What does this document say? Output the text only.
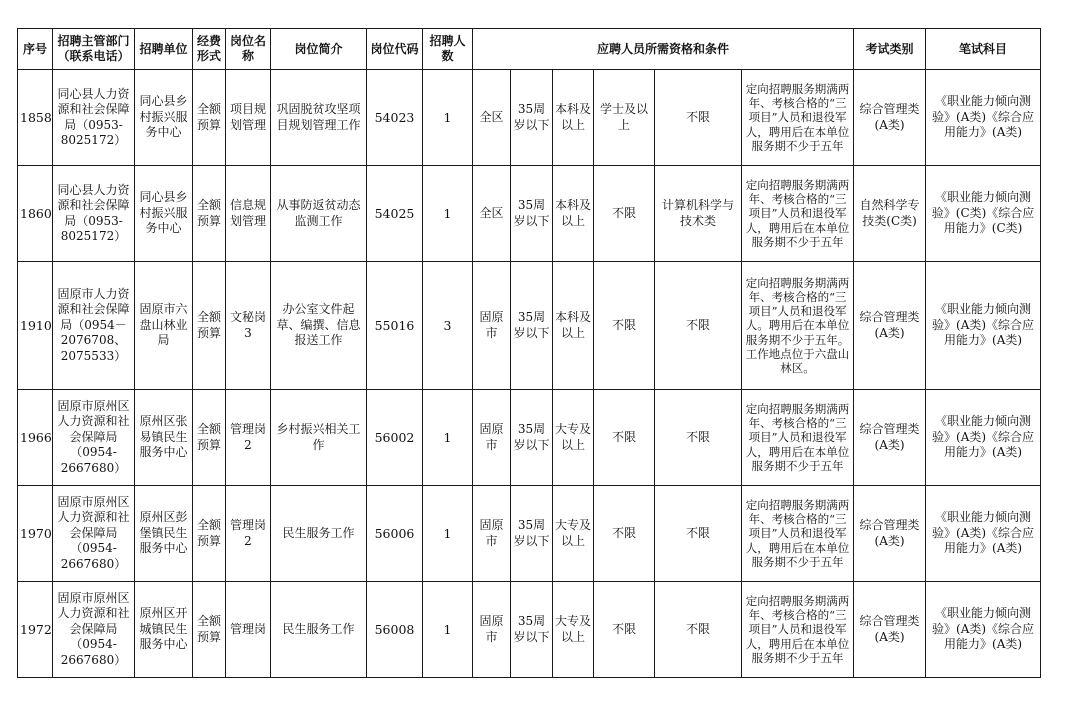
序号	招聘主管部门（联系电话）	招聘单位	经费形式	岗位名称	岗位简介	岗位代码	招聘人数	应聘人员所需资格和条件						考试类别	笔试科目
1858	同心县人力资源和社会保障局（0953-8025172）	同心县乡村振兴服务中心	全额预算	项目规划管理	巩固脱贫攻坚项目规划管理工作	54023	1	全区	35周岁以下	本科及以上	学士及以上	不限	定向招聘服务期满两年、考核合格的“三项目”人员和退役军人，聘用后在本单位服务期不少于五年	综合管理类(A类)	《职业能力倾向测验》(A类)《综合应用能力》(A类)
1860	同心县人力资源和社会保障局（0953-8025172）	同心县乡村振兴服务中心	全额预算	信息规划管理	从事防返贫动态监测工作	54025	1	全区	35周岁以下	本科及以上	不限	计算机科学与技术类	定向招聘服务期满两年、考核合格的“三项目”人员和退役军人，聘用后在本单位服务期不少于五年	自然科学专技类(C类)	《职业能力倾向测验》(C类)《综合应用能力》(C类)
1910	固原市人力资源和社会保障局（0954－2076708、2075533）	固原市六盘山林业局	全额预算	文秘岗3	办公室文件起草、编撰、信息报送工作	55016	3	固原市	35周岁以下	本科及以上	不限	不限	定向招聘服务期满两年、考核合格的“三项目”人员和退役军人。聘用后在本单位服务期不少于五年。工作地点位于六盘山林区。	综合管理类(A类)	《职业能力倾向测验》(A类)《综合应用能力》(A类)
1966	固原市原州区人力资源和社会保障局（0954-2667680）	原州区张易镇民生服务中心	全额预算	管理岗2	乡村振兴相关工作	56002	1	固原市	35周岁以下	大专及以上	不限	不限	定向招聘服务期满两年、考核合格的“三项目”人员和退役军人，聘用后在本单位服务期不少于五年	综合管理类(A类)	《职业能力倾向测验》(A类)《综合应用能力》(A类)
1970	固原市原州区人力资源和社会保障局（0954-2667680）	原州区彭堡镇民生服务中心	全额预算	管理岗2	民生服务工作	56006	1	固原市	35周岁以下	大专及以上	不限	不限	定向招聘服务期满两年、考核合格的“三项目”人员和退役军人，聘用后在本单位服务期不少于五年	综合管理类(A类)	《职业能力倾向测验》(A类)《综合应用能力》(A类)
1972	固原市原州区人力资源和社会保障局（0954-2667680）	原州区开城镇民生服务中心	全额预算	管理岗	民生服务工作	56008	1	固原市	35周岁以下	大专及以上	不限	不限	定向招聘服务期满两年、考核合格的“三项目”人员和退役军人，聘用后在本单位服务期不少于五年	综合管理类(A类)	《职业能力倾向测验》(A类)《综合应用能力》(A类)
